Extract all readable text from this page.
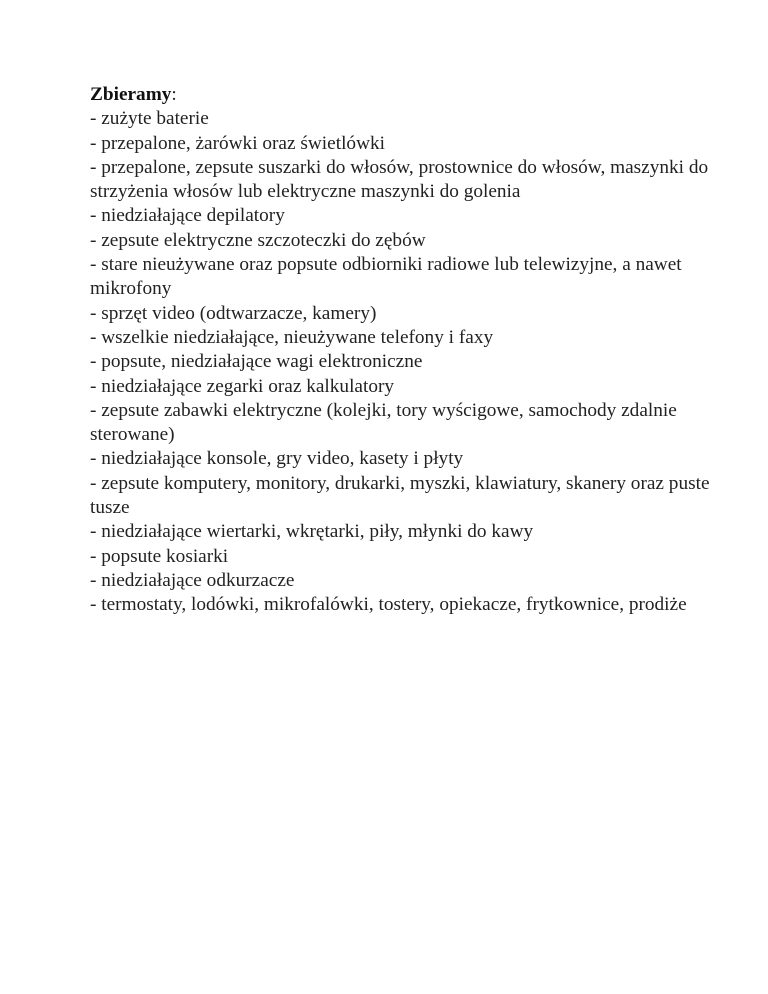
Zbieramy:

- zużyte baterie

- przepalone, żarówki oraz świetlówki

- przepalone, zepsute suszarki do włosów, prostownice do włosów, maszynki do strzyżenia włosów lub elektryczne maszynki do golenia

- niedziałające depilatory

- zepsute elektryczne szczoteczki do zębów

- stare nieużywane oraz popsute odbiorniki radiowe lub telewizyjne, a nawet mikrofony

- sprzęt video (odtwarzacze, kamery)

- wszelkie niedziałające, nieużywane telefony i faxy

- popsute, niedziałające wagi elektroniczne

- niedziałające zegarki oraz kalkulatory

- zepsute zabawki elektryczne (kolejki, tory wyścigowe, samochody zdalnie sterowane)

- niedziałające konsole, gry video, kasety i płyty

- zepsute komputery, monitory, drukarki, myszki, klawiatury, skanery oraz puste tusze

- niedziałające wiertarki, wkrętarki, piły, młynki do kawy

- popsute kosiarki

- niedziałające odkurzacze

- termostaty, lodówki, mikrofalówki, tostery, opiekacze, frytkownice, prodiże
